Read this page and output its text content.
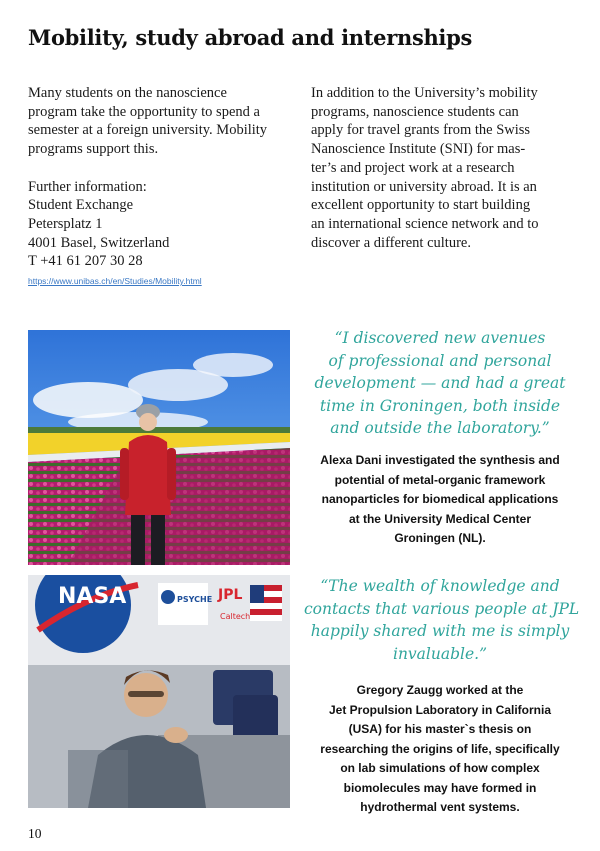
Mobility, study abroad and internships
Many students on the nanoscience
program take the opportunity to spend a
semester at a foreign university. Mobility
programs support this.
Further information:
Student Exchange
Petersplatz 1
4001 Basel, Switzerland
T +41 61 207 30 28
https://www.unibas.ch/en/Studies/Mobility.html
In addition to the University’s mobility
programs, nanoscience students can
apply for travel grants from the Swiss
Nanoscience Institute (SNI) for mas-
ter’s and project work at a research
institution or university abroad. It is an
excellent opportunity to start building
an international science network and to
discover a different culture.
“I discovered new avenues
of professional and personal
development — and had a great
time in Groningen, both inside
and outside the laboratory.”
Alexa Dani investigated the synthesis and
potential of metal-organic framework
nanoparticles for biomedical applications
at the University Medical Center
Groningen (NL).
NASA	PSYCHE JPL
Caltech
“The wealth of knowledge and
contacts that various people at JPL
happily shared with me is simply
invaluable.”
Gregory Zaugg worked at the
Jet Propulsion Laboratory in California
(USA) for his master`s thesis on
researching the origins of life, specifically
on lab simulations of how complex
biomolecules may have formed in
hydrothermal vent systems.
10
